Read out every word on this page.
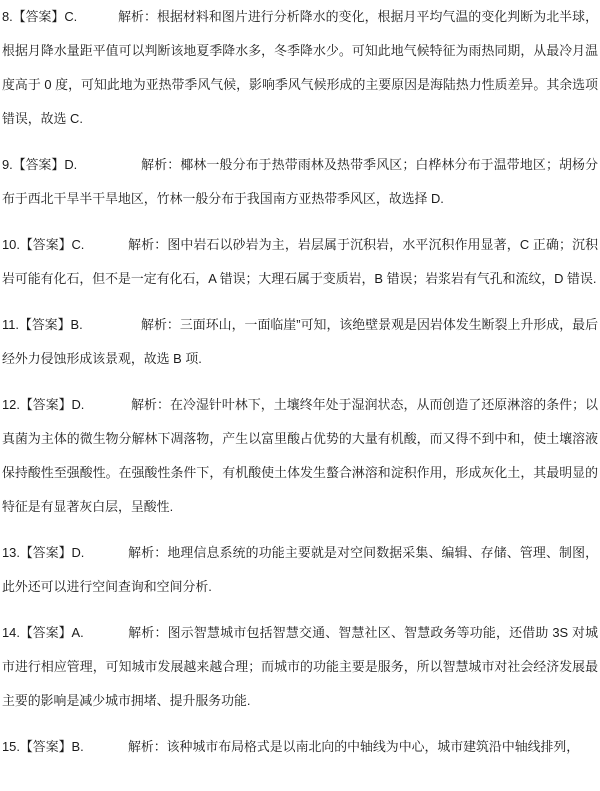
8.【答案】C.	解析：根据材料和图片进行分析降水的变化，根据月平均气温的变化判断为北半球，根据月降水量距平值可以判断该地夏季降水多，冬季降水少。可知此地气候特征为雨热同期，从最冷月温度高于 0 度，可知此地为亚热带季风气候，影响季风气候形成的主要原因是海陆热力性质差异。其余选项错误，故选 C.

9.【答案】D.	解析：椰林一般分布于热带雨林及热带季风区；白桦林分布于温带地区；胡杨分布于西北干旱半干旱地区，竹林一般分布于我国南方亚热带季风区，故选择 D.

10.【答案】C.	解析：图中岩石以砂岩为主，岩层属于沉积岩，水平沉积作用显著，C 正确；沉积岩可能有化石，但不是一定有化石，A 错误；大理石属于变质岩，B 错误；岩浆岩有气孔和流纹，D 错误.

11.【答案】B.	解析：三面环山，一面临崖”可知，该绝壁景观是因岩体发生断裂上升形成，最后经外力侵蚀形成该景观，故选 B 项.

12.【答案】D.	解析：在冷湿针叶林下，土壤终年处于湿润状态，从而创造了还原淋溶的条件；以真菌为主体的微生物分解林下凋落物，产生以富里酸占优势的大量有机酸，而又得不到中和，使土壤溶液保持酸性至强酸性。在强酸性条件下，有机酸使土体发生螯合淋溶和淀积作用，形成灰化土，其最明显的特征是有显著灰白层，呈酸性.

13.【答案】D.	解析：地理信息系统的功能主要就是对空间数据采集、编辑、存储、管理、制图，此外还可以进行空间查询和空间分析.

14.【答案】A.	解析：图示智慧城市包括智慧交通、智慧社区、智慧政务等功能，还借助 3S 对城市进行相应管理，可知城市发展越来越合理；而城市的功能主要是服务，所以智慧城市对社会经济发展最主要的影响是减少城市拥堵、提升服务功能.

15.【答案】B.	解析：该种城市布局格式是以南北向的中轴线为中心，城市建筑沿中轴线排列，
